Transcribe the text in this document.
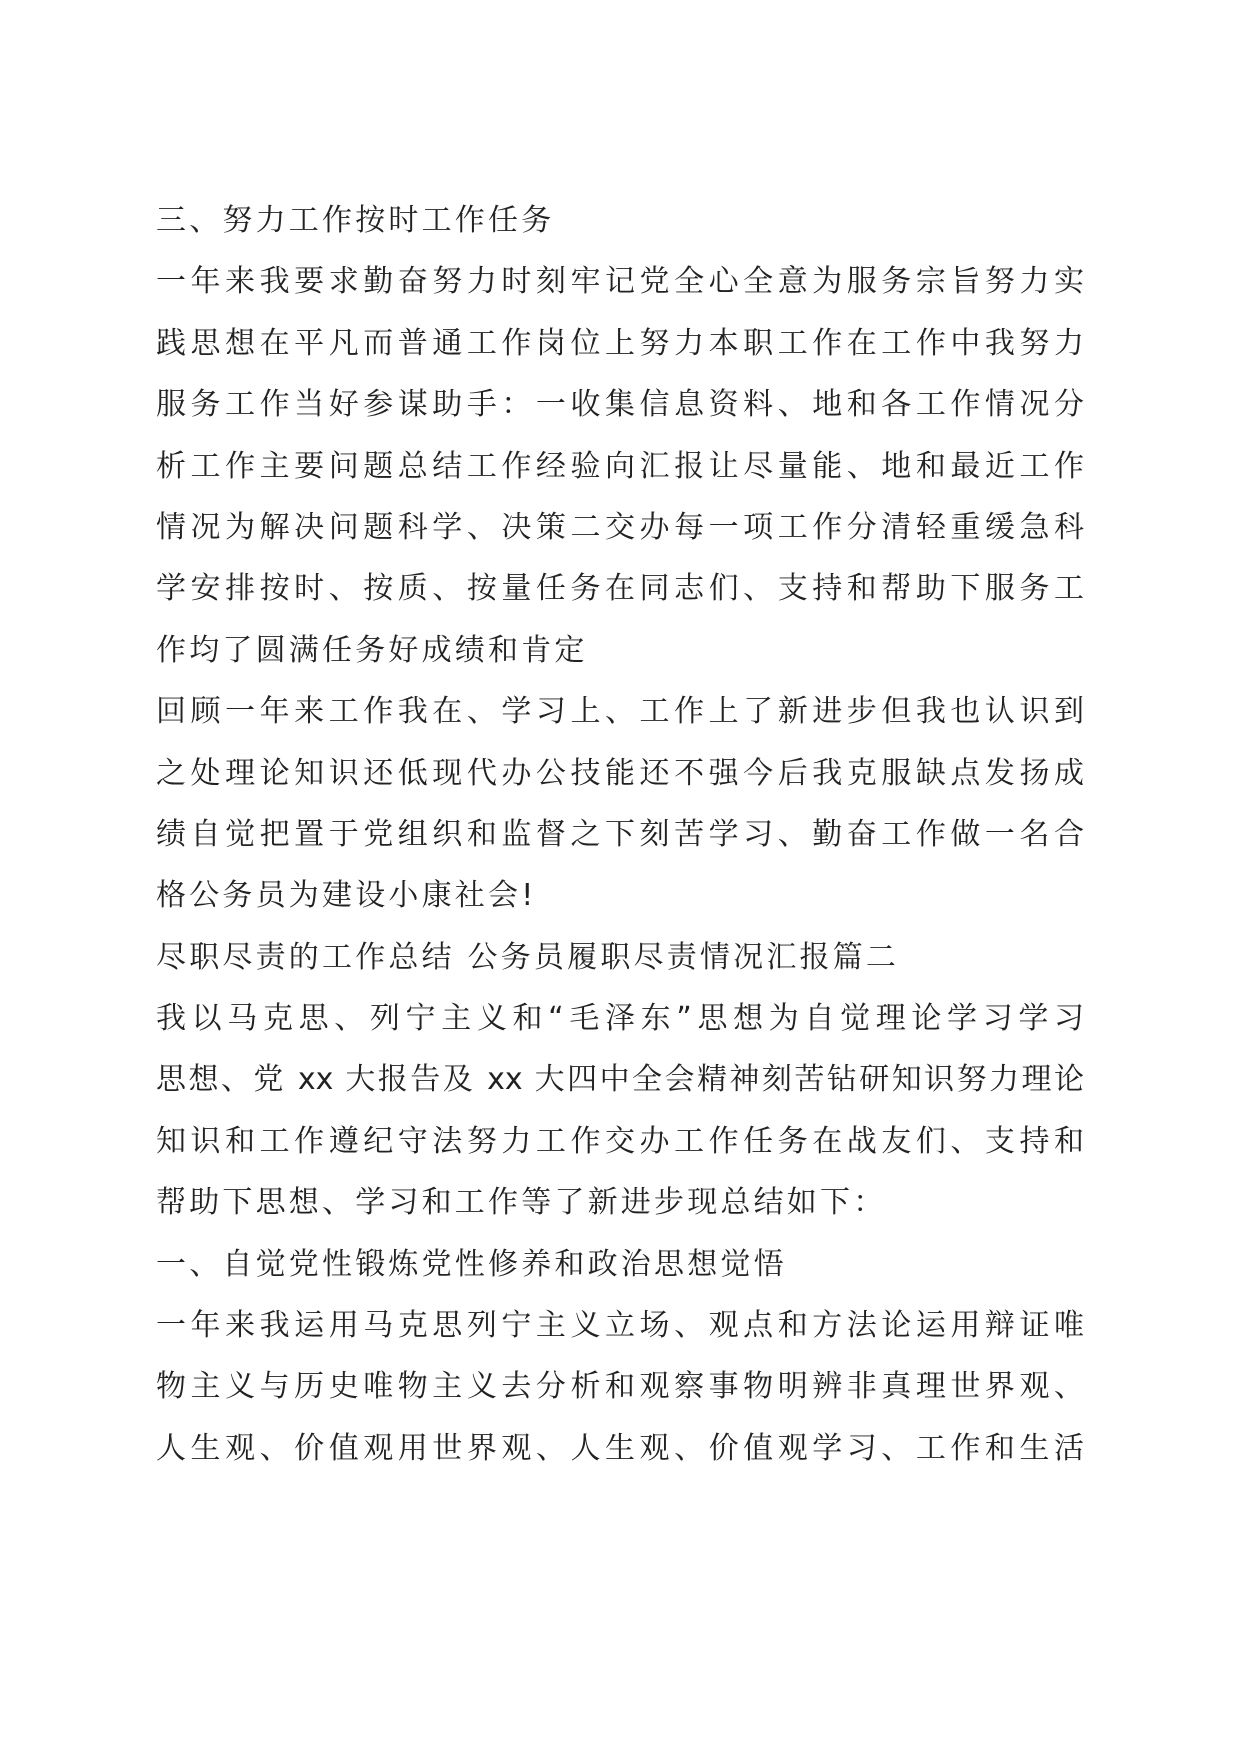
三、努力工作按时工作任务
一年来我要求勤奋努力时刻牢记党全心全意为服务宗旨努力实
践思想在平凡而普通工作岗位上努力本职工作在工作中我努力
服务工作当好参谋助手：一收集信息资料、地和各工作情况分
析工作主要问题总结工作经验向汇报让尽量能、地和最近工作
情况为解决问题科学、决策二交办每一项工作分清轻重缓急科
学安排按时、按质、按量任务在同志们、支持和帮助下服务工
作均了圆满任务好成绩和肯定
回顾一年来工作我在、学习上、工作上了新进步但我也认识到
之处理论知识还低现代办公技能还不强今后我克服缺点发扬成
绩自觉把置于党组织和监督之下刻苦学习、勤奋工作做一名合
格公务员为建设小康社会!
尽职尽责的工作总结 公务员履职尽责情况汇报篇二
我以马克思、列宁主义和“毛泽东”思想为自觉理论学习学习
思想、党 xx 大报告及 xx 大四中全会精神刻苦钻研知识努力理论
知识和工作遵纪守法努力工作交办工作任务在战友们、支持和
帮助下思想、学习和工作等了新进步现总结如下：
一、自觉党性锻炼党性修养和政治思想觉悟
一年来我运用马克思列宁主义立场、观点和方法论运用辩证唯
物主义与历史唯物主义去分析和观察事物明辨非真理世界观、
人生观、价值观用世界观、人生观、价值观学习、工作和生活
